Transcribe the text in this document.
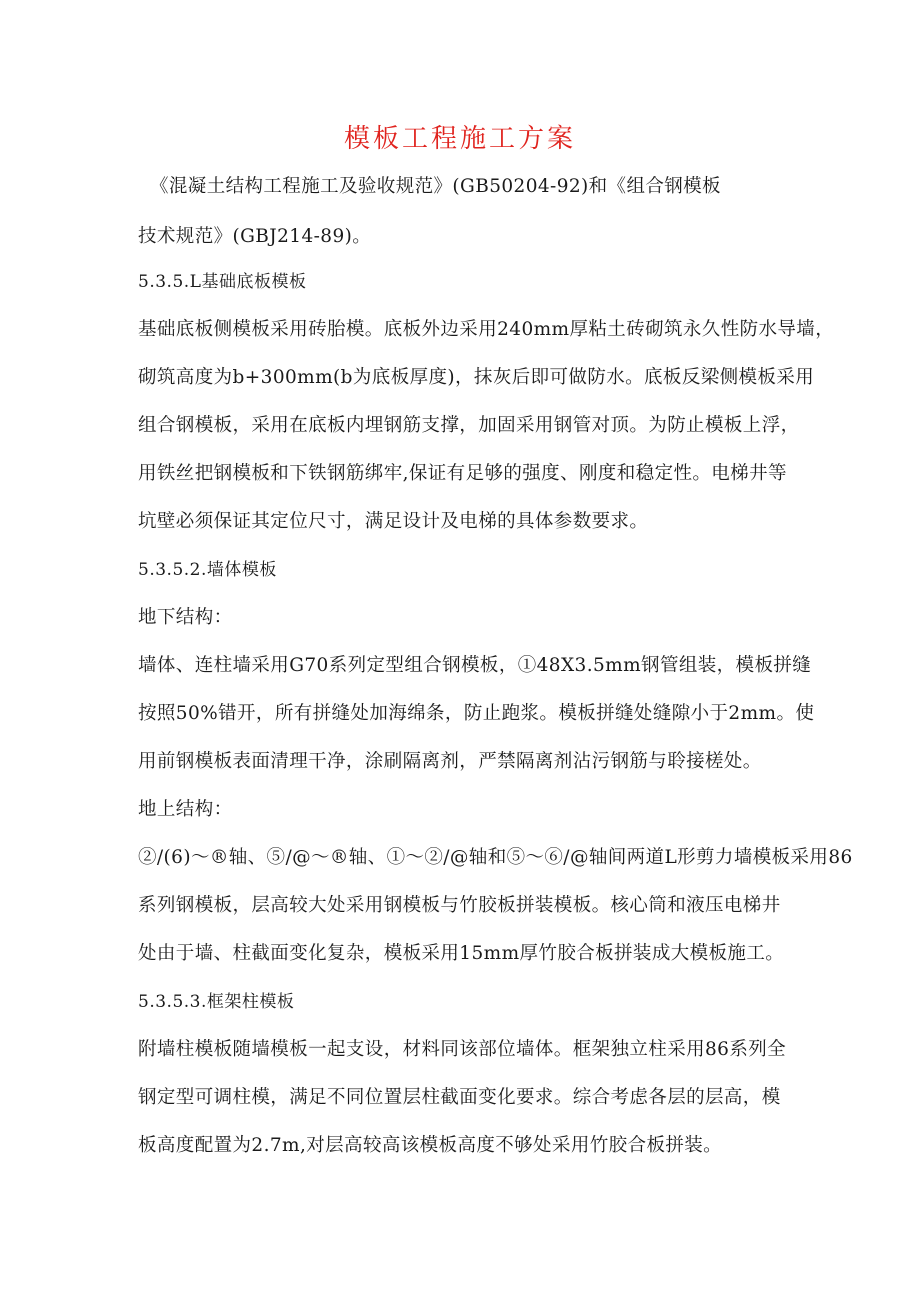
模板工程施工方案

《混凝土结构工程施工及验收规范》(GB50204-92)和《组合钢模板

技术规范》(GBJ214-89)。

5.3.5.L基础底板模板

基础底板侧模板采用砖胎模。底板外边采用240mm厚粘土砖砌筑永久性防水导墙，

砌筑高度为b+300mm(b为底板厚度)，抹灰后即可做防水。底板反梁侧模板采用

组合钢模板，采用在底板内埋钢筋支撑，加固采用钢管对顶。为防止模板上浮，

用铁丝把钢模板和下铁钢筋绑牢,保证有足够的强度、刚度和稳定性。电梯井等

坑壁必须保证其定位尺寸，满足设计及电梯的具体参数要求。

5.3.5.2.墙体模板

地下结构：

墙体、连柱墙采用G70系列定型组合钢模板，①48X3.5mm钢管组装，模板拼缝

按照50%错开，所有拼缝处加海绵条，防止跑浆。模板拼缝处缝隙小于2mm。使

用前钢模板表面清理干净，涂刷隔离剂，严禁隔离剂沾污钢筋与聆接槎处。

地上结构：

②/(6)～®轴、⑤/@～®轴、①～②/@轴和⑤～⑥/@轴间两道L形剪力墙模板采用86

系列钢模板，层高较大处采用钢模板与竹胶板拼装模板。核心筒和液压电梯井

处由于墙、柱截面变化复杂，模板采用15mm厚竹胶合板拼装成大模板施工。

5.3.5.3.框架柱模板

附墙柱模板随墙模板一起支设，材料同该部位墙体。框架独立柱采用86系列全

钢定型可调柱模，满足不同位置层柱截面变化要求。综合考虑各层的层高，模

板高度配置为2.7m,对层高较高该模板高度不够处采用竹胶合板拼装。
